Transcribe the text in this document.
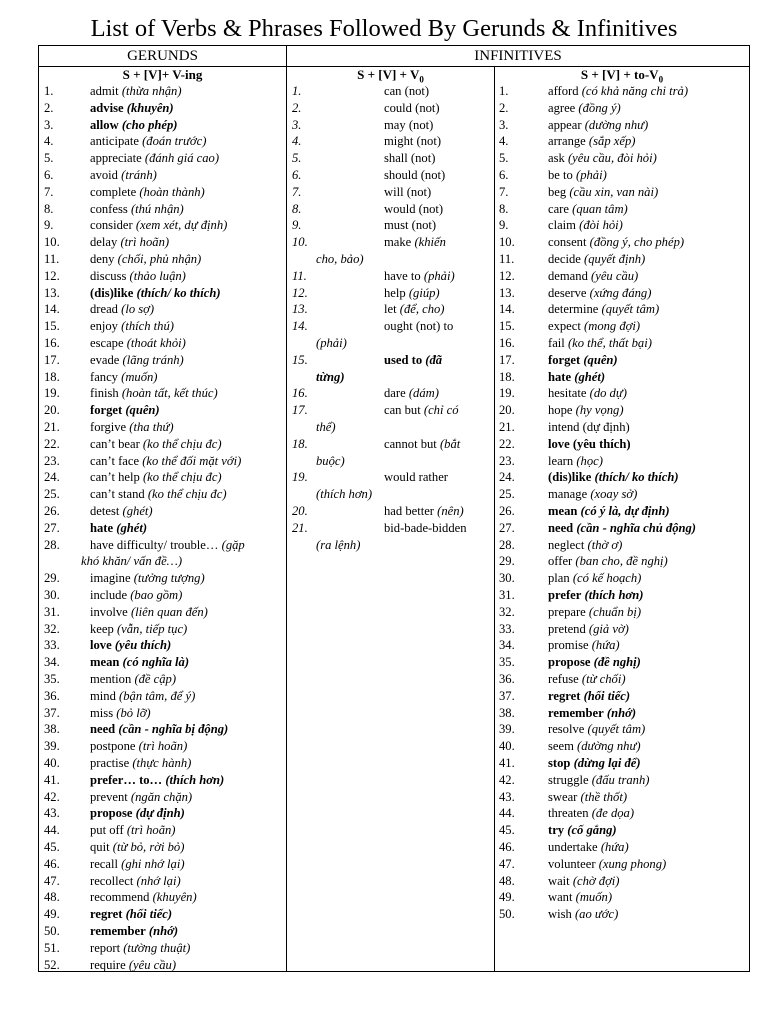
List of Verbs & Phrases Followed By Gerunds & Infinitives
GERUNDS	INFINITIVES
S + [V]+ V-ing	$S + [V] + V_0$	$S + [V] + to-V_0$
1.	admit (thừa nhận)
2.	advise (khuyên)
3.	allow (cho phép)
4.	anticipate (đoán trước)
5.	appreciate (đánh giá cao)
6.	avoid (tránh)
7.	complete (hoàn thành)
8.	confess (thú nhận)
9.	consider (xem xét, dự định)
10. delay (trì hoãn)
11. deny (chối, phủ nhận)
12. discuss (thảo luận)
13. (dis)like (thích/ ko thích)
14. dread (lo sợ)
15. enjoy (thích thú)
16. escape (thoát khỏi)
17. evade (lãng tránh)
18. fancy (muốn)
19. finish (hoàn tất, kết thúc)
20. forget (quên)
21. forgive (tha thứ)
22. can’t bear (ko thể chịu đc)
23. can’t face (ko thể đối mặt với)
24. can’t help (ko thể chịu đc)
25. can’t stand (ko thể chịu đc)
26. detest (ghét)
27. hate (ghét)
28. have difficulty/ trouble… (gặp
khó khăn/ vấn đề…)
29. imagine (tưởng tượng)
30. include (bao gồm)
31. involve (liên quan đến)
32. keep (vẫn, tiếp tục)
33. love (yêu thích)
34. mean (có nghĩa là)
35. mention (đề cập)
36. mind (bận tâm, để ý)
37. miss (bỏ lỡ)
38. need (cần - nghĩa bị động)
39. postpone (trì hoãn)
40. practise (thực hành)
41. prefer… to… (thích hơn)
42. prevent (ngăn chặn)
43. propose (dự định)
44. put off (trì hoãn)
45. quit (từ bỏ, rời bỏ)
46. recall (ghi nhớ lại)
47. recollect (nhớ lại)
48. recommend (khuyên)
49. regret (hối tiếc)
50. remember (nhớ)
51. report (tường thuật)
52. require (yêu cầu)
1.	can (not)
2.	could (not)
3.	may (not)
4.	might (not)
5.	shall (not)
6.	should (not)
7.	will (not)
8.	would (not)
9.	must (not)
10.	make (khiến
cho, bảo)
11.	have to (phải)
12.	help (giúp)
13.	let (để, cho)
14.	ought (not) to
(phải)
15.	used to (đã
từng)
16.	dare (dám)
17.	can but (chỉ có
thể)
18.	cannot but (bắt
buộc)
19.	would rather
(thích hơn)
20.	had better (nên)
21.	bid-bade-bidden
(ra lệnh)
1.	afford (có khả năng chi trả)
2.	agree (đồng ý)
3.	appear (dường như)
4.	arrange (sắp xếp)
5.	ask (yêu cầu, đòi hỏi)
6.	be to (phải)
7.	beg (cầu xin, van nài)
8.	care (quan tâm)
9.	claim (đòi hỏi)
10.	consent (đồng ý, cho phép)
11.	decide (quyết định)
12.	demand (yêu cầu)
13.	deserve (xứng đáng)
14.	determine (quyết tâm)
15.	expect (mong đợi)
16.	fail (ko thể, thất bại)
17.	forget (quên)
18.	hate (ghét)
19.	hesitate (do dự)
20.	hope (hy vọng)
21.	intend (dự định)
22.	love (yêu thích)
23.	learn (học)
24.	(dis)like (thích/ ko thích)
25.	manage (xoay sở)
26.	mean (có ý là, dự định)
27.	need (cần - nghĩa chủ động)
28.	neglect (thờ ơ)
29.	offer (ban cho, đề nghị)
30.	plan (có kế hoạch)
31.	prefer (thích hơn)
32.	prepare (chuẩn bị)
33.	pretend (giả vờ)
34.	promise (hứa)
35.	propose (đề nghị)
36.	refuse (từ chối)
37.	regret (hối tiếc)
38.	remember (nhớ)
39.	resolve (quyết tâm)
40.	seem (dường như)
41.	stop (dừng lại để)
42.	struggle (đấu tranh)
43.	swear (thề thốt)
44.	threaten (đe dọa)
45.	try (cố gắng)
46.	undertake (hứa)
47.	volunteer (xung phong)
48.	wait (chờ đợi)
49.	want (muốn)
50.	wish (ao ước)
